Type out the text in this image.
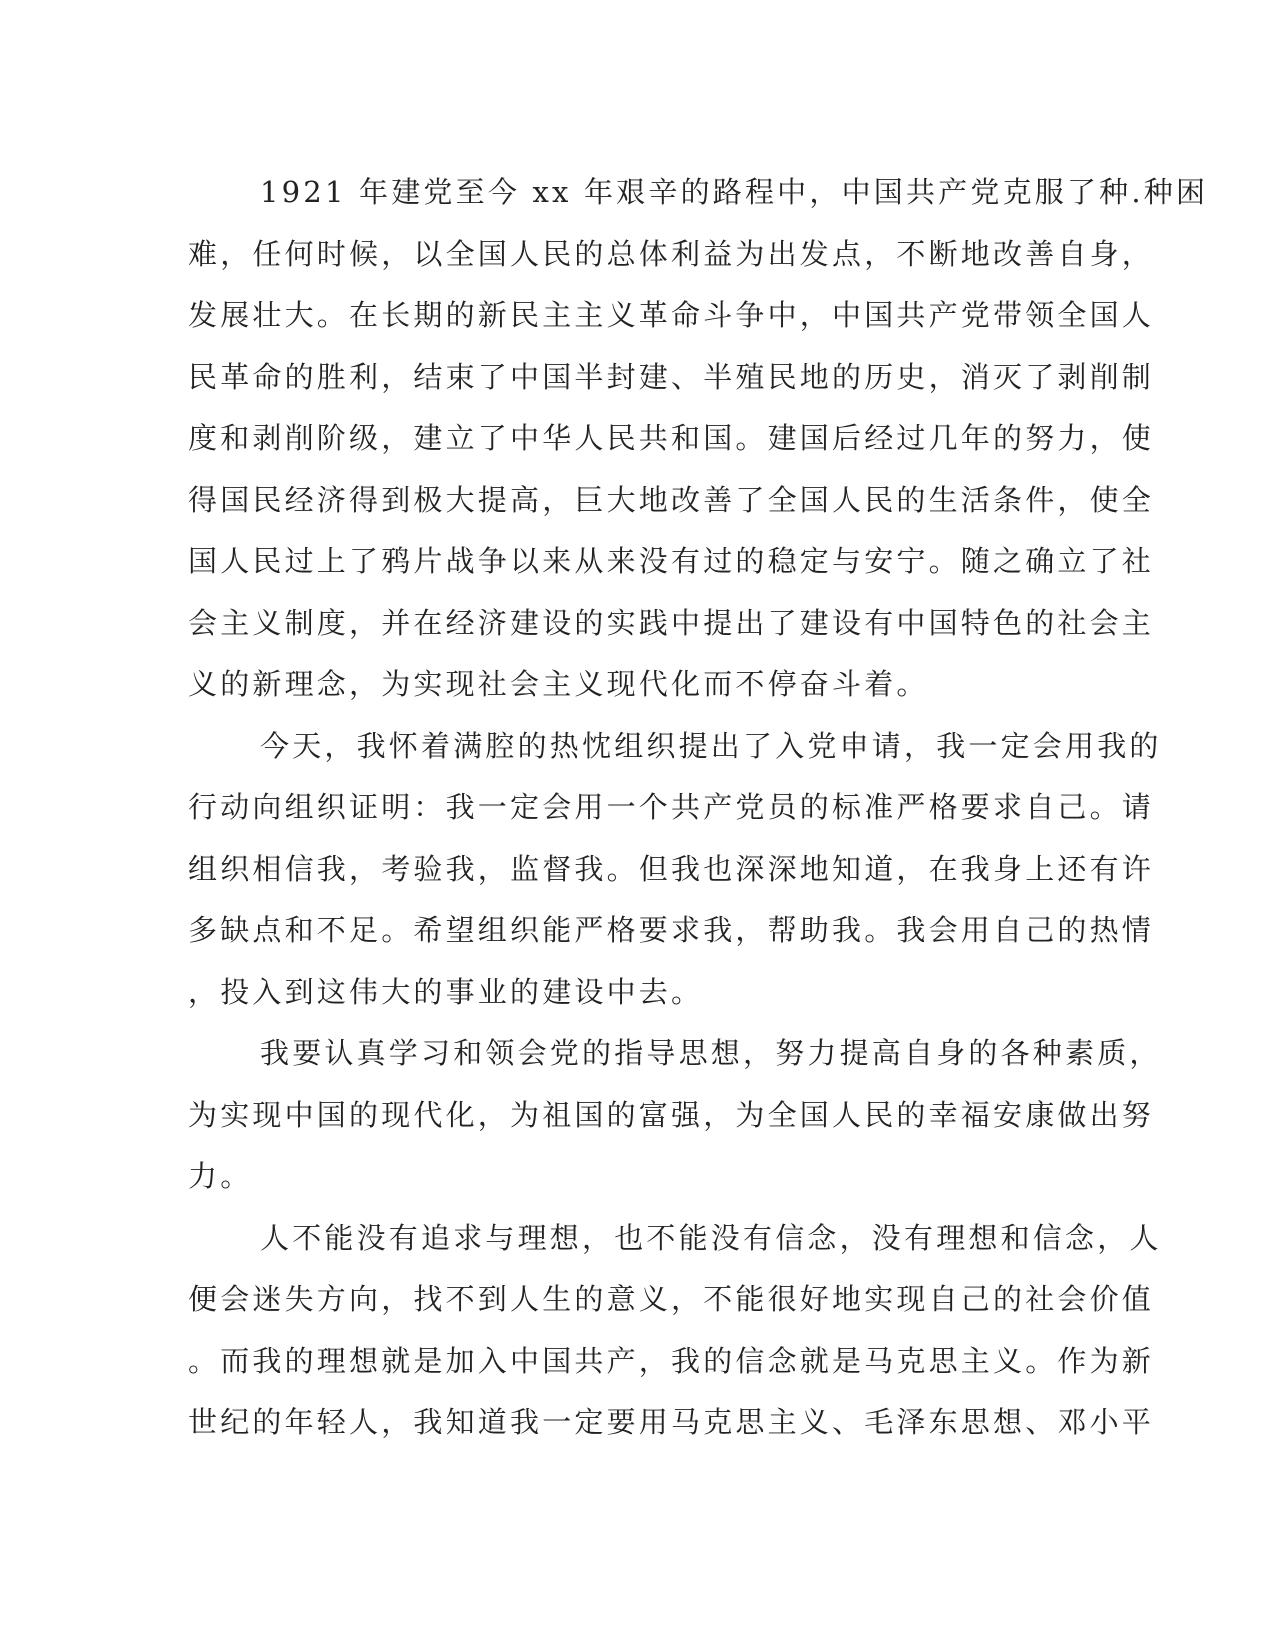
1921 年建党至今 xx 年艰辛的路程中，中国共产党克服了种.种困
难，任何时候，以全国人民的总体利益为出发点，不断地改善自身，
发展壮大。在长期的新民主主义革命斗争中，中国共产党带领全国人
民革命的胜利，结束了中国半封建、半殖民地的历史，消灭了剥削制
度和剥削阶级，建立了中华人民共和国。建国后经过几年的努力，使
得国民经济得到极大提高，巨大地改善了全国人民的生活条件，使全
国人民过上了鸦片战争以来从来没有过的稳定与安宁。随之确立了社
会主义制度，并在经济建设的实践中提出了建设有中国特色的社会主
义的新理念，为实现社会主义现代化而不停奋斗着。
今天，我怀着满腔的热忱组织提出了入党申请，我一定会用我的
行动向组织证明：我一定会用一个共产党员的标准严格要求自己。请
组织相信我，考验我，监督我。但我也深深地知道，在我身上还有许
多缺点和不足。希望组织能严格要求我，帮助我。我会用自己的热情
，投入到这伟大的事业的建设中去。
我要认真学习和领会党的指导思想，努力提高自身的各种素质，
为实现中国的现代化，为祖国的富强，为全国人民的幸福安康做出努
力。
人不能没有追求与理想，也不能没有信念，没有理想和信念，人
便会迷失方向，找不到人生的意义，不能很好地实现自己的社会价值
。而我的理想就是加入中国共产，我的信念就是马克思主义。作为新
世纪的年轻人，我知道我一定要用马克思主义、毛泽东思想、邓小平
